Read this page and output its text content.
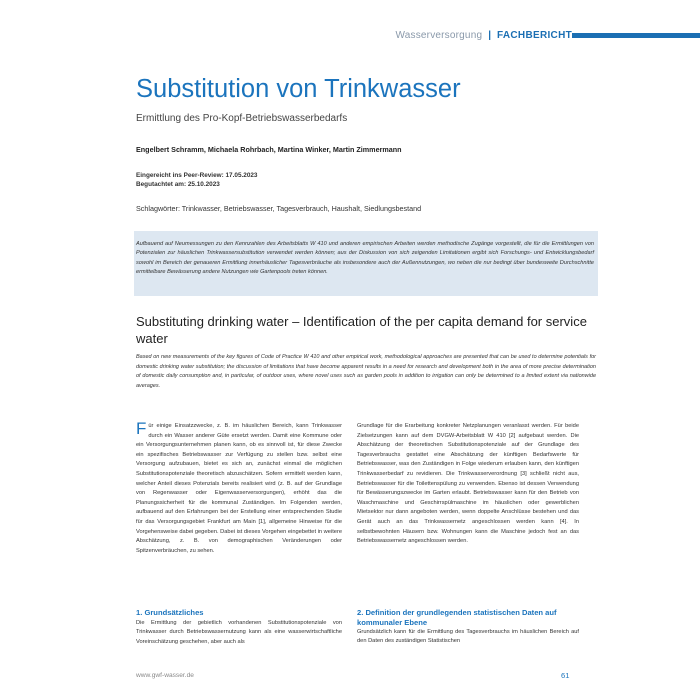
Wasserversorgung | FACHBERICHT
Substitution von Trinkwasser
Ermittlung des Pro-Kopf-Betriebswasserbedarfs
Engelbert Schramm, Michaela Rohrbach, Martina Winker, Martin Zimmermann
Eingereicht ins Peer-Review: 17.05.2023
Begutachtet am: 25.10.2023
Schlagwörter: Trinkwasser, Betriebswasser, Tagesverbrauch, Haushalt, Siedlungsbestand

Aufbauend auf Neumessungen zu den Kennzahlen des Arbeitsblatts W 410 und anderen empirischen Arbeiten werden methodische Zugänge vorgestellt, die für die Ermittlungen von Potenzialen zur häuslichen Trinkwassersubstitution verwendet werden können; aus der Diskussion von sich zeigenden Limitationen ergibt sich Forschungs- und Entwicklungsbedarf sowohl im Bereich der genaueren Ermittlung innerhäuslicher Tagesverbräuche als insbesondere auch der Außennutzungen, wo neben die nur bedingt über bundesweite Durchschnitte ermittelbare Bewässerung andere Nutzungen wie Gartenpools treten können.

Substituting drinking water – Identification of the per capita demand for service water

Based on new measurements of the key figures of Code of Practice W 410 and other empirical work, methodological approaches are presented that can be used to determine potentials for domestic drinking water substitution; the discussion of limitations that have become apparent results in a need for research and development both in the area of more precise determination of domestic daily consumption and, in particular, of outdoor uses, where novel uses such as garden pools in addition to irrigation can only be determined to a limited extent via nationwide averages.

Für einige Einsatzzwecke, z. B. im häuslichen Bereich, kann Trinkwasser durch ein Wasser anderer Güte ersetzt werden. Damit eine Kommune oder ein Versorgungsunternehmen planen kann, ob es sinnvoll ist, für diese Zwecke ein spezifisches Betriebswasser zur Verfügung zu stellen bzw. selbst eine Versorgung aufzubauen, bietet es sich an, zunächst einmal die möglichen Substitutionspotenziale theoretisch abzuschätzen. Sofern ermittelt werden kann, welcher Anteil dieses Potenzials bereits realisiert wird (z. B. auf der Grundlage von Regenwasser oder Eigenwasserversorgungen), erhöht das die Planungssicherheit für die kommunal Zuständigen. Im Folgenden werden, aufbauend auf den Erfahrungen bei der Erstellung einer entsprechenden Studie für das Versorgungsgebiet Frankfurt am Main [1], allgemeine Hinweise für die Vorgehensweise dabei gegeben. Dabei ist dieses Vorgehen eingebettet in weitere Abschätzung, z. B. von demographischen Veränderungen oder Spitzenverbräuchen, zu sehen.

Grundlage für die Erarbeitung konkreter Netzplanungen veranlasst werden. Für beide Zielsetzungen kann auf dem DVGW-Arbeitsblatt W 410 [2] aufgebaut werden. Die Abschätzung der theoretischen Substitutionspotenziale auf der Grundlage des Tagesverbrauchs gestattet eine Abschätzung der künftigen Bedarfswerte für Betriebswasser, was den Zuständigen in Folge wiederum erlauben kann, den künftigen Trinkwasserbedarf zu revidieren. Die Trinkwasserverordnung [3] schließt nicht aus, Betriebswasser für die Toilettenspülung zu verwenden. Ebenso ist dessen Verwendung für Bewässerungszwecke im Garten erlaubt. Betriebswasser kann für den Betrieb von Waschmaschine und Geschirrspülmaschine im häuslichen oder gewerblichen Mietsektor nur dann angeboten werden, wenn doppelte Anschlüsse bestehen und das Gerät auch an das Trinkwassernetz angeschlossen werden kann [4]. In selbstbewohnten Häusern bzw. Wohnungen kann die Maschine jedoch fest an das Betriebswassernetz angeschlossen werden.

1. Grundsätzliches

Die Ermittlung der gebietlich vorhandenen Substitutionspotenziale von Trinkwasser durch Betriebswassernutzung kann als eine wasserwirtschaftliche Voreinschätzung geschehen, aber auch als

2. Definition der grundlegenden statistischen Daten auf kommunaler Ebene

Grundsätzlich kann für die Ermittlung des Tagesverbrauchs im häuslichen Bereich auf den Daten des zuständigen Statistischen

www.gwf-wasser.de	61
